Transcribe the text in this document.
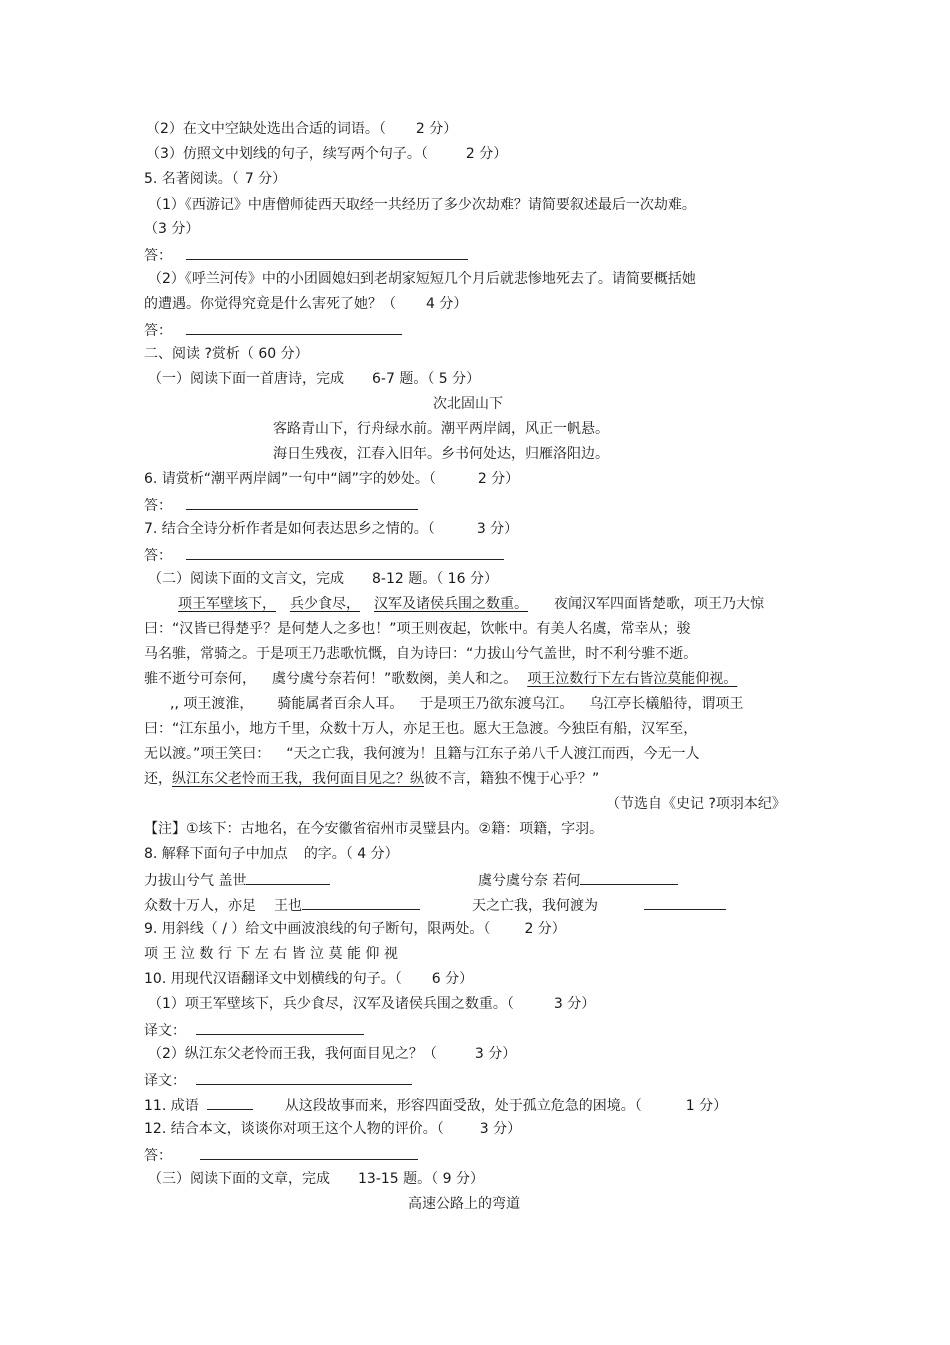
（2）在文中空缺处选出合适的词语。（ 2 分）
（3）仿照文中划线的句子，续写两个句子。（	2 分）
5. 名著阅读。（ 7 分）
（1）《西游记》中唐僧师徒西天取经一共经历了多少次劫难？请简要叙述最后一次劫难。
（3 分）
答：
（2）《呼兰河传》中的小团圆媳妇到老胡家短短几个月后就悲惨地死去了。请简要概括她
的遭遇。你觉得究竟是什么害死了她？（ 4 分）
答：
二、阅读 ?赏析（ 60 分）
（一）阅读下面一首唐诗，完成 6-7 题。（ 5 分）
次北固山下
客路青山下，行舟绿水前。潮平两岸阔，风正一帆悬。
海日生残夜，江春入旧年。乡书何处达，归雁洛阳边。
6. 请赏析“潮平两岸阔”一句中“阔”字的妙处。（	2 分）
答：
7. 结合全诗分析作者是如何表达思乡之情的。（	3 分）
答：
（二）阅读下面的文言文，完成 8-12 题。（ 16 分）
项王军壁垓下， 兵少食尽， 汉军及诸侯兵围之数重。 夜闻汉军四面皆楚歌，项王乃大惊
曰：“汉皆已得楚乎？是何楚人之多也！”项王则夜起，饮帐中。有美人名虞，常幸从；骏
马名骓，常骑之。于是项王乃悲歌忼慨，自为诗曰：“力拔山兮气盖世，时不利兮骓不逝。
骓不逝兮可奈何， 虞兮虞兮奈若何！”歌数阕，美人和之。 项王泣数行下左右皆泣莫能仰视。
,, 项王渡淮， 骑能属者百余人耳。 于是项王乃欲东渡乌江。 乌江亭长檥船待，谓项王
曰：“江东虽小，地方千里，众数十万人，亦足王也。愿大王急渡。今独臣有船，汉军至，
无以渡。”项王笑曰： “天之亡我，我何渡为！且籍与江东子弟八千人渡江而西，今无一人
还，纵江东父老怜而王我，我何面目见之？纵彼不言，籍独不愧于心乎？”
（节选自《史记 ?项羽本纪》
【注】①垓下：古地名，在今安徽省宿州市灵璧县内。②籍：项籍，字羽。
8. 解释下面句子中加点 的字。（ 4 分）
力拔山兮气 盖世	虞兮虞兮奈 若何
众数十万人，亦足 王也	天之亡我，我何渡为
9. 用斜线（ / ）给文中画波浪线的句子断句，限两处。（ 2 分）
项 王 泣 数 行 下 左 右 皆 泣 莫 能 仰 视
10. 用现代汉语翻译文中划横线的句子。（ 6 分）
（1）项王军壁垓下，兵少食尽，汉军及诸侯兵围之数重。（	3 分）
译文：
（2）纵江东父老怜而王我，我何面目见之？（	3 分）
译文：
11. 成语	从这段故事而来，形容四面受敌，处于孤立危急的困境。（	1 分）
12. 结合本文，谈谈你对项王这个人物的评价。（	3 分）
答：
（三）阅读下面的文章，完成 13-15 题。（ 9 分）
高速公路上的弯道
